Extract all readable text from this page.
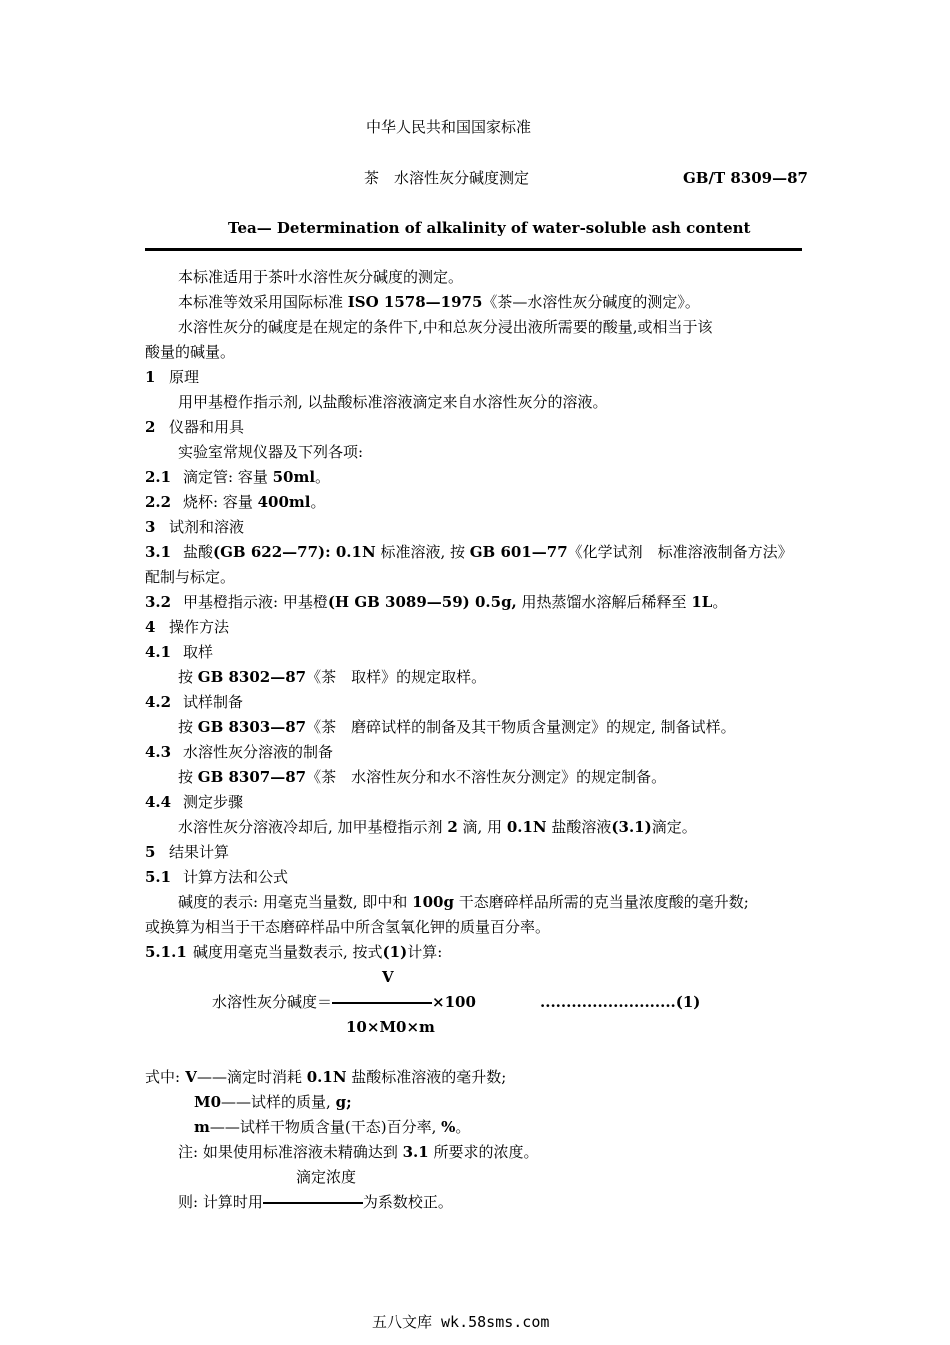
中华人民共和国国家标准
茶　水溶性灰分碱度测定	GB/T 8309—87
Tea— Determination of alkalinity of water-soluble ash content
本标准适用于茶叶水溶性灰分碱度的测定。
本标准等效采用国际标准 ISO 1578—1975《茶—水溶性灰分碱度的测定》。
水溶性灰分的碱度是在规定的条件下,中和总灰分浸出液所需要的酸量,或相当于该
酸量的碱量。
1 原理
用甲基橙作指示剂, 以盐酸标准溶液滴定来自水溶性灰分的溶液。
2 仪器和用具
实验室常规仪器及下列各项:
2.1 滴定管: 容量 50ml。
2.2 烧杯: 容量 400ml。
3 试剂和溶液
3.1 盐酸(GB 622—77): 0.1N 标准溶液, 按 GB 601—77《化学试剂　标准溶液制备方法》
配制与标定。
3.2 甲基橙指示液: 甲基橙(H GB 3089—59) 0.5g, 用热蒸馏水溶解后稀释至 1L。
4 操作方法
4.1 取样
按 GB 8302—87《茶　取样》的规定取样。
4.2 试样制备
按 GB 8303—87《茶　磨碎试样的制备及其干物质含量测定》的规定, 制备试样。
4.3 水溶性灰分溶液的制备
按 GB 8307—87《茶　水溶性灰分和水不溶性灰分测定》的规定制备。
4.4 测定步骤
水溶性灰分溶液冷却后, 加甲基橙指示剂 2 滴, 用 0.1N 盐酸溶液(3.1)滴定。
5 结果计算
5.1 计算方法和公式
碱度的表示: 用毫克当量数, 即中和 100g 干态磨碎样品所需的克当量浓度酸的毫升数;
或换算为相当于干态磨碎样品中所含氢氧化钾的质量百分率。
5.1.1 碱度用毫克当量数表示, 按式(1)计算:
V
水溶性灰分碱度＝	×100	..........................(1)
10×M0×m
式中: V——滴定时消耗 0.1N 盐酸标准溶液的毫升数;
M0——试样的质量, g;
m——试样干物质含量(干态)百分率, %。
注: 如果使用标准溶液未精确达到 3.1 所要求的浓度。
滴定浓度
则: 计算时用	为系数校正。
五八文库 wk.58sms.com
